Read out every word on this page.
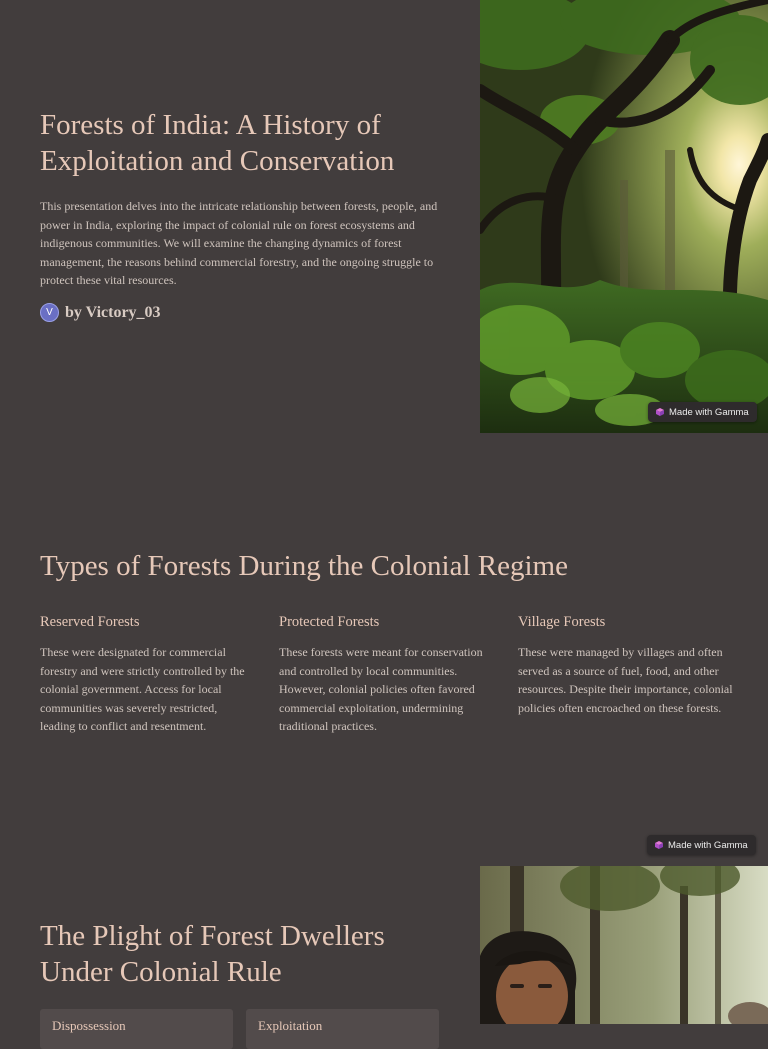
Forests of India: A History of Exploitation and Conservation

This presentation delves into the intricate relationship between forests, people, and power in India, exploring the impact of colonial rule on forest ecosystems and indigenous communities. We will examine the changing dynamics of forest management, the reasons behind commercial forestry, and the ongoing struggle to protect these vital resources.

V by Victory_03
Made with Gamma
Types of Forests During the Colonial Regime
Reserved Forests

These were designated for commercial forestry and were strictly controlled by the colonial government. Access for local communities was severely restricted, leading to conflict and resentment.

Protected Forests

These forests were meant for conservation and controlled by local communities. However, colonial policies often favored commercial exploitation, undermining traditional practices.

Village Forests

These were managed by villages and often served as a source of fuel, food, and other resources. Despite their importance, colonial policies often encroached on these forests.

Made with Gamma
The Plight of Forest Dwellers Under Colonial Rule
Dispossession	Exploitation
